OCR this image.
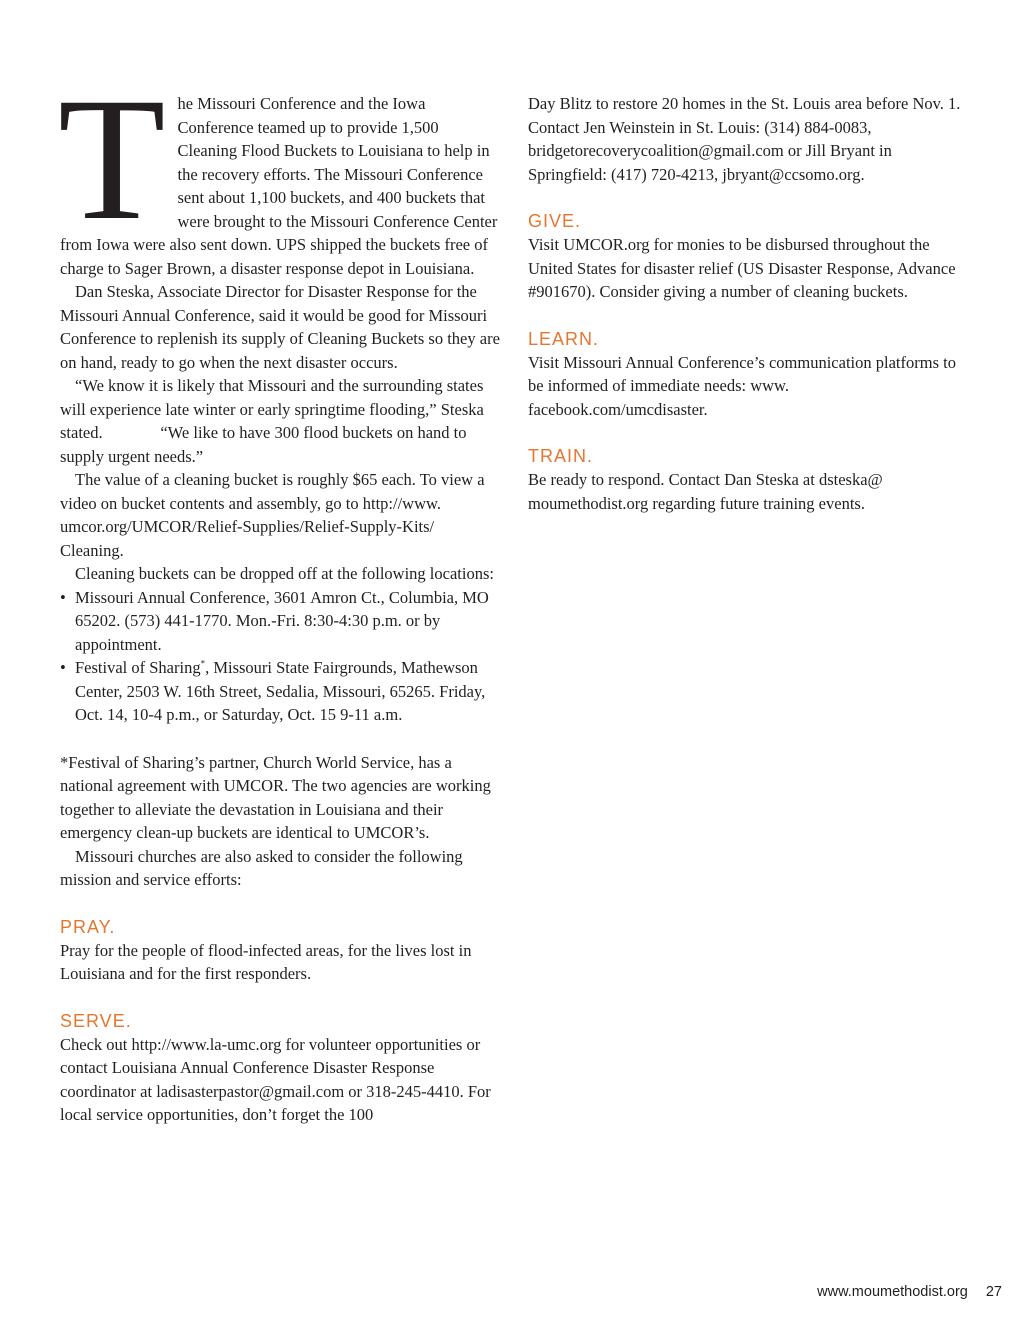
The Missouri Conference and the Iowa Conference teamed up to provide 1,500 Cleaning Flood Buckets to Louisiana to help in the recovery efforts. The Missouri Conference sent about 1,100 buckets, and 400 buckets that were brought to the Missouri Conference Center from Iowa were also sent down. UPS shipped the buckets free of charge to Sager Brown, a disaster response depot in Louisiana.

Dan Steska, Associate Director for Disaster Response for the Missouri Annual Conference, said it would be good for Missouri Conference to replenish its supply of Cleaning Buckets so they are on hand, ready to go when the next disaster occurs.

“We know it is likely that Missouri and the surrounding states will experience late winter or early springtime flooding,” Steska stated.              “We like to have 300 flood buckets on hand to supply urgent needs.”

The value of a cleaning bucket is roughly $65 each. To view a video on bucket contents and assembly, go to http://www. umcor.org/UMCOR/Relief-Supplies/Relief-Supply-Kits/ Cleaning.

Cleaning buckets can be dropped off at the following locations:

• Missouri Annual Conference, 3601 Amron Ct., Columbia, MO 65202. (573) 441-1770. Mon.-Fri. 8:30-4:30 p.m. or by appointment.
• Festival of Sharing*, Missouri State Fairgrounds, Mathewson Center, 2503 W. 16th Street, Sedalia, Missouri, 65265. Friday, Oct. 14, 10-4 p.m., or Saturday, Oct. 15 9-11 a.m.

*Festival of Sharing’s partner, Church World Service, has a national agreement with UMCOR. The two agencies are working together to alleviate the devastation in Louisiana and their emergency clean-up buckets are identical to UMCOR’s.

Missouri churches are also asked to consider the following mission and service efforts:

PRAY.

Pray for the people of flood-infected areas, for the lives lost in Louisiana and for the first responders.

SERVE.

Check out http://www.la-umc.org for volunteer opportunities or contact Louisiana Annual Conference Disaster Response coordinator at ladisasterpastor@gmail.com or 318-245-4410. For local service opportunities, don’t forget the 100

Day Blitz to restore 20 homes in the St. Louis area before Nov. 1. Contact Jen Weinstein in St. Louis: (314) 884-0083, bridgetorecoverycoalition@gmail.com or Jill Bryant in Springfield: (417) 720-4213, jbryant@ccsomo.org.

GIVE.

Visit UMCOR.org for monies to be disbursed throughout the United States for disaster relief (US Disaster Response, Advance #901670). Consider giving a number of cleaning buckets.

LEARN.

Visit Missouri Annual Conference’s communication platforms to be informed of immediate needs: www. facebook.com/umcdisaster.

TRAIN.

Be ready to respond. Contact Dan Steska at dsteska@ moumethodist.org regarding future training events.

www.moumethodist.org 27
